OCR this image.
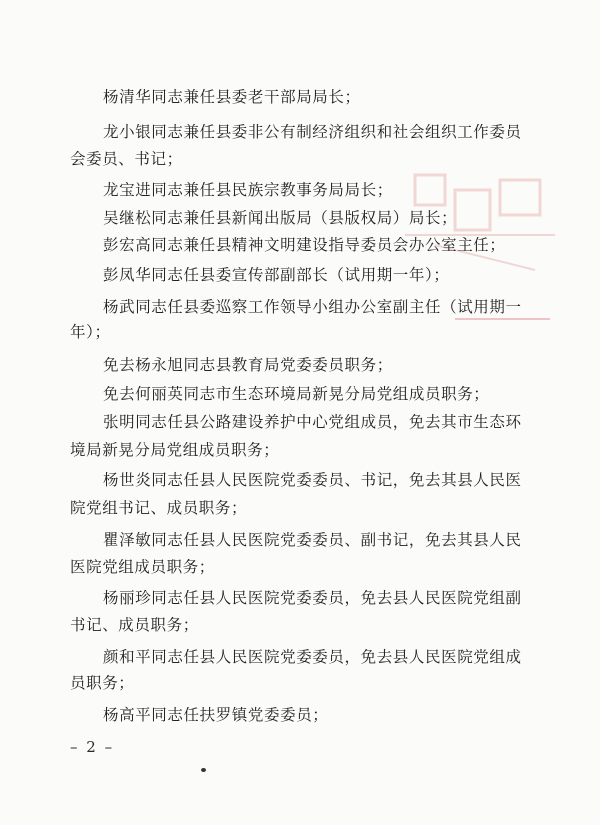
杨清华同志兼任县委老干部局局长；
龙小银同志兼任县委非公有制经济组织和社会组织工作委员
会委员、书记；
龙宝进同志兼任县民族宗教事务局局长；
吴继松同志兼任县新闻出版局（县版权局）局长；
彭宏高同志兼任县精神文明建设指导委员会办公室主任；
彭凤华同志任县委宣传部副部长（试用期一年）；
杨武同志任县委巡察工作领导小组办公室副主任（试用期一
年）；
免去杨永旭同志县教育局党委委员职务；
免去何丽英同志市生态环境局新晃分局党组成员职务；
张明同志任县公路建设养护中心党组成员，免去其市生态环
境局新晃分局党组成员职务；
杨世炎同志任县人民医院党委委员、书记，免去其县人民医
院党组书记、成员职务；
瞿泽敏同志任县人民医院党委委员、副书记，免去其县人民
医院党组成员职务；
杨丽珍同志任县人民医院党委委员，免去县人民医院党组副
书记、成员职务；
颜和平同志任县人民医院党委委员，免去县人民医院党组成
员职务；
杨高平同志任扶罗镇党委委员；
– 2 –
